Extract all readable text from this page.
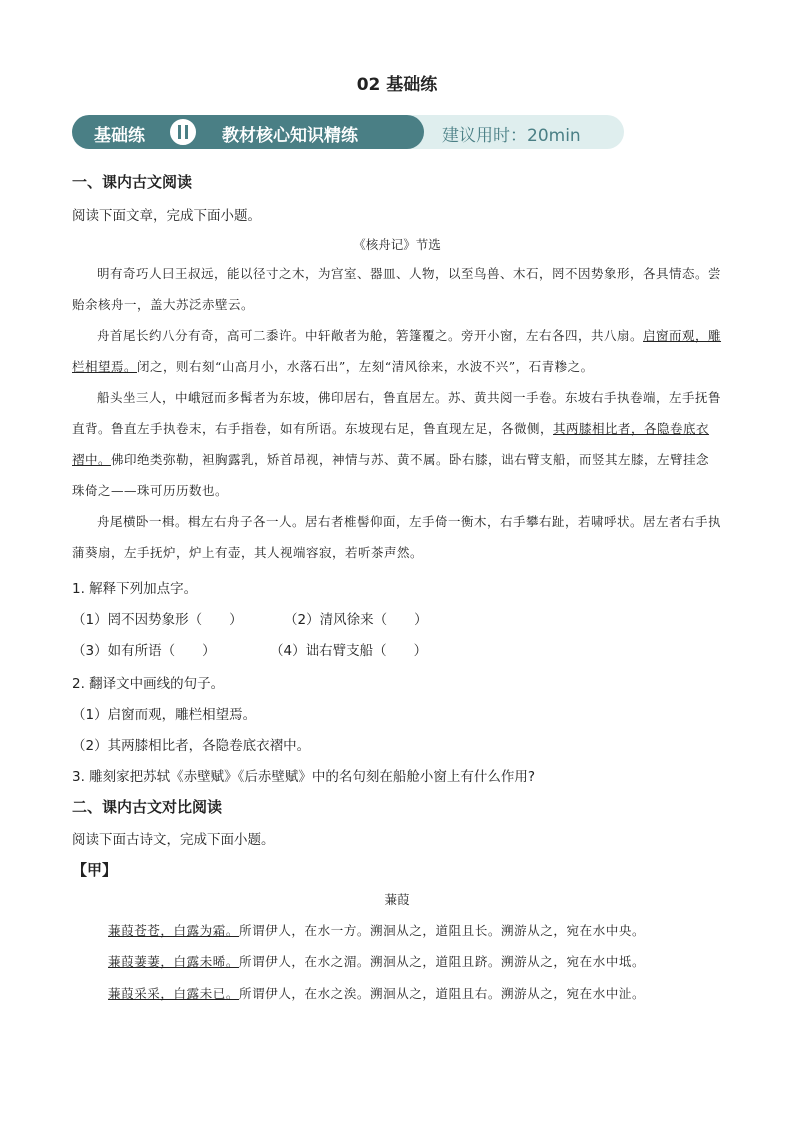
02 基础练
基础练	教材核心知识精练	建议用时：20min
一、课内古文阅读
阅读下面文章，完成下面小题。
《核舟记》节选
明有奇巧人曰王叔远，能以径寸之木，为宫室、器皿、人物，以至鸟兽、木石，罔不因势象形，各具情态。尝贻余核舟一，盖大苏泛赤壁云。
舟首尾长约八分有奇，高可二黍许。中轩敞者为舱，箬篷覆之。旁开小窗，左右各四，共八扇。启窗而观，雕栏相望焉。闭之，则右刻“山高月小，水落石出”，左刻“清风徐来，水波不兴”，石青糁之。
船头坐三人，中峨冠而多髯者为东坡，佛印居右，鲁直居左。苏、黄共阅一手卷。东坡右手执卷端，左手抚鲁直背。鲁直左手执卷末，右手指卷，如有所语。东坡现右足，鲁直现左足，各微侧，其两膝相比者，各隐卷底衣褶中。佛印绝类弥勒，袒胸露乳，矫首昂视，神情与苏、黄不属。卧右膝，诎右臂支船，而竖其左膝，左臂挂念珠倚之——珠可历历数也。
舟尾横卧一楫。楫左右舟子各一人。居右者椎髻仰面，左手倚一衡木，右手攀右趾，若啸呼状。居左者右手执蒲葵扇，左手抚炉，炉上有壶，其人视端容寂，若听茶声然。
1. 解释下列加点字。
（1）罔不因势象形（　　）	（2）清风徐来（　　）
（3）如有所语（　　）	（4）诎右臂支船（　　）
2. 翻译文中画线的句子。
（1）启窗而观，雕栏相望焉。
（2）其两膝相比者，各隐卷底衣褶中。
3. 雕刻家把苏轼《赤壁赋》《后赤壁赋》中的名句刻在船舱小窗上有什么作用?
二、课内古文对比阅读
阅读下面古诗文，完成下面小题。
【甲】
蒹葭
蒹葭苍苍，白露为霜。所谓伊人，在水一方。溯洄从之，道阻且长。溯游从之，宛在水中央。
蒹葭萋萋，白露未晞。所谓伊人，在水之湄。溯洄从之，道阻且跻。溯游从之，宛在水中坻。
蒹葭采采，白露未已。所谓伊人，在水之涘。溯洄从之，道阻且右。溯游从之，宛在水中沚。
